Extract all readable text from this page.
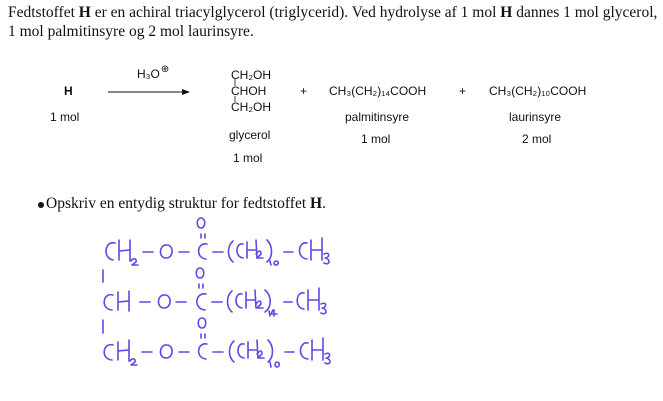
Fedtstoffet H er en achiral triacylglycerol (triglycerid). Ved hydrolyse af 1 mol H dannes 1 mol glycerol, 1 mol palmitinsyre og 2 mol laurinsyre.
H
1 mol
H₃O⊕	CH₂OH
CHOH
CH₂OH
glycerol
1 mol
+ CH₃(CH₂)₁₄COOH
palmitinsyre
1 mol
+ CH₃(CH₂)₁₀COOH
laurinsyre
2 mol
Opskriv en entydig struktur for fedtstoffet H.
